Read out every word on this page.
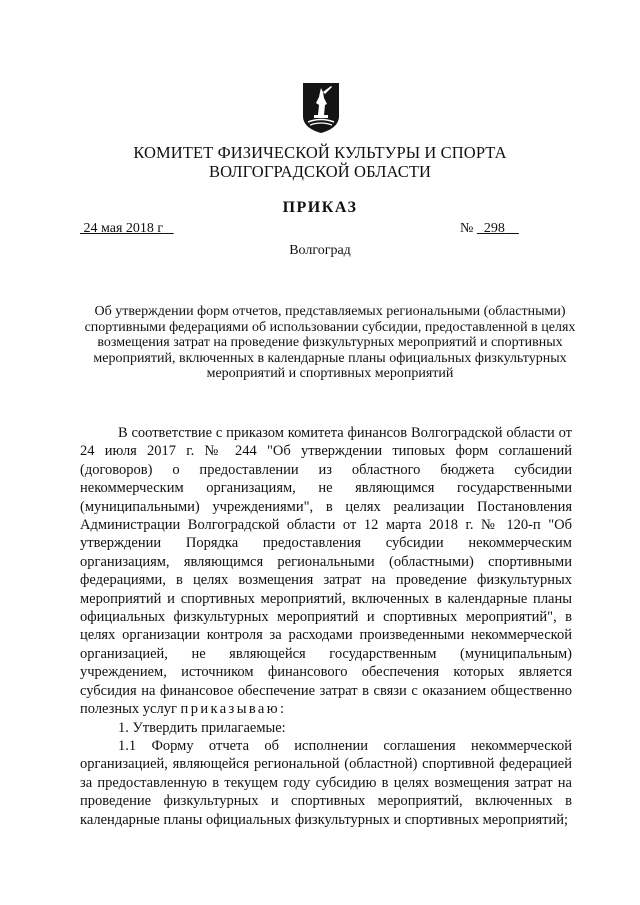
КОМИТЕТ ФИЗИЧЕСКОЙ КУЛЬТУРЫ И СПОРТА
ВОЛГОГРАДСКОЙ ОБЛАСТИ
ПРИКАЗ
24 мая 2018 г	№ 298
Волгоград
Об утверждении форм отчетов, представляемых региональными (областными) спортивными федерациями об использовании субсидии, предоставленной в целях возмещения затрат на проведение физкультурных мероприятий и спортивных мероприятий, включенных в календарные планы официальных физкультурных мероприятий и спортивных мероприятий

В соответствие с приказом комитета финансов Волгоградской области от 24 июля 2017 г. № 244 "Об утверждении типовых форм соглашений (договоров) о предоставлении из областного бюджета субсидии некоммерческим организациям, не являющимся государственными (муниципальными) учреждениями", в целях реализации Постановления Администрации Волгоградской области от 12 марта 2018 г. № 120-п "Об утверждении Порядка предоставления субсидии некоммерческим организациям, являющимся региональными (областными) спортивными федерациями, в целях возмещения затрат на проведение физкультурных мероприятий и спортивных мероприятий, включенных в календарные планы официальных физкультурных мероприятий и спортивных мероприятий", в целях организации контроля за расходами произведенными некоммерческой организацией, не являющейся государственным (муниципальным) учреждением, источником финансового обеспечения которых является субсидия на финансовое обеспечение затрат в связи с оказанием общественно полезных услуг приказываю:

1. Утвердить прилагаемые:

1.1 Форму отчета об исполнении соглашения некоммерческой организацией, являющейся региональной (областной) спортивной федерацией за предоставленную в текущем году субсидию в целях возмещения затрат на проведение физкультурных и спортивных мероприятий, включенных в календарные планы официальных физкультурных и спортивных мероприятий;
